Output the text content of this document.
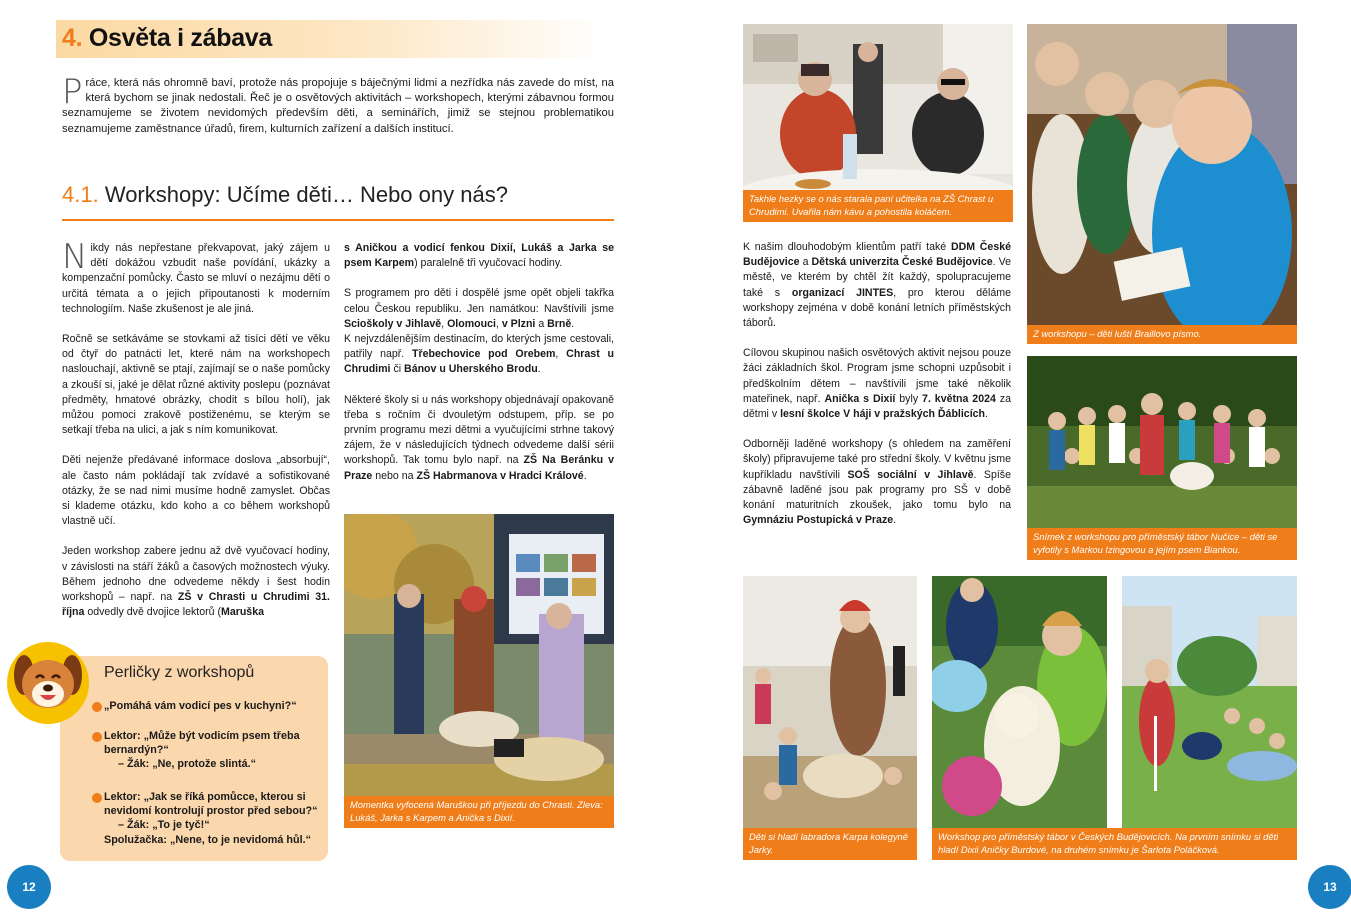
4. Osvěta i zábava
Práce, která nás ohromně baví, protože nás propojuje s báječnými lidmi a nezřídka nás zavede do míst, na která bychom se jinak nedostali. Řeč je o osvětových aktivitách – workshopech, kterými zábavnou formou seznamujeme se životem nevidomých především děti, a seminářích, jimiž se stejnou problematikou seznamujeme zaměstnance úřadů, firem, kulturních zařízení a dalších institucí.
4.1. Workshopy: Učíme děti… Nebo ony nás?

Nikdy nás nepřestane překvapovat, jaký zájem u dětí dokážou vzbudit naše povídání, ukázky a kompenzační pomůcky. Často se mluví o nezájmu dětí o určitá témata a o jejich připoutanosti k moderním technologiím. Naše zkušenost je ale jiná.

Ročně se setkáváme se stovkami až tisíci dětí ve věku od čtyř do patnácti let, které nám na workshopech naslouchají, aktivně se ptají, zajímají se o naše pomůcky a zkouší si, jaké je dělat různé aktivity poslepu (poznávat předměty, hmatové obrázky, chodit s bílou holí), jak můžou pomoci zrakově postiženému, se kterým se setkají třeba na ulici, a jak s ním komunikovat.

Děti nejenže předávané informace doslova „absorbují“, ale často nám pokládají tak zvídavé a sofistikované otázky, že se nad nimi musíme hodně zamyslet. Občas si klademe otázku, kdo koho a co během workshopů vlastně učí.

Jeden workshop zabere jednu až dvě vyučovací hodiny, v závislosti na stáří žáků a časových možnostech výuky. Během jednoho dne odvedeme někdy i šest hodin workshopů – např. na ZŠ v Chrasti u Chrudimi 31. října odvedly dvě dvojice lektorů (Maruška

s Aničkou a vodicí fenkou Dixií, Lukáš a Jarka se psem Karpem) paralelně tři vyučovací hodiny.

S programem pro děti i dospělé jsme opět objeli takřka celou Českou republiku. Jen namátkou: Navštívili jsme Scioškoly v Jihlavě, Olomouci, v Plzni a Brně.

K nejvzdálenějším destinacím, do kterých jsme cestovali, patřily např. Třebechovice pod Orebem, Chrast u Chrudimi či Bánov u Uherského Brodu.

Některé školy si u nás workshopy objednávají opakovaně třeba s ročním či dvouletým odstupem, příp. se po prvním programu mezi dětmi a vyučujícími strhne takový zájem, že v následujících týdnech odvedeme další sérii workshopů. Tak tomu bylo např. na ZŠ Na Beránku v Praze nebo na ZŠ Habrmanova v Hradci Králové.

Momentka vyfocená Maruškou při příjezdu do Chrasti. Zleva: Lukáš, Jarka s Karpem a Anička s Dixií.
Perličky z workshopů
„Pomáhá vám vodicí pes v kuchyni?“
Lektor: „Může být vodicím psem třeba
bernardýn?“
– Žák: „Ne, protože slintá.“
Lektor: „Jak se říká pomůcce, kterou si
nevidomí kontrolují prostor před sebou?“
– Žák: „To je tyč!“
Spolužačka: „Nene, to je nevidomá hůl.“
12
Takhle hezky se o nás starala paní učitelka na ZŠ Chrast u Chrudimi. Uvařila nám kávu a pohostila koláčem.
Z workshopu – děti luští Braillovo písmo.
Snímek z workshopu pro příměstský tábor Nučice – děti se vyfotily s Markou Izingovou a jejím psem Biankou.

K našim dlouhodobým klientům patří také DDM České Budějovice a Dětská univerzita České Budějovice. Ve městě, ve kterém by chtěl žít každý, spolupracujeme také s organizací JINTES, pro kterou děláme workshopy zejména v době konání letních příměstských táborů.

Cílovou skupinou našich osvětových aktivit nejsou pouze žáci základních škol. Program jsme schopni uzpůsobit i předškolním dětem – navštívili jsme také několik mateřinek, např. Anička s Dixií byly 7. května 2024 za dětmi v lesní školce V háji v pražských Ďáblicích.

Odborněji laděné workshopy (s ohledem na zaměření školy) připravujeme také pro střední školy. V květnu jsme kupříkladu navštívili SOŠ sociální v Jihlavě. Spíše zábavně laděné jsou pak programy pro SŠ v době konání maturitních zkoušek, jako tomu bylo na Gymnáziu Postupická v Praze.

Děti si hladí labradora Karpa kolegyně Jarky.
Workshop pro příměstský tábor v Českých Budějovicích. Na prvním snímku si děti hladí Dixii Aničky Burdové, na druhém snímku je Šarlota Poláčková.
13
